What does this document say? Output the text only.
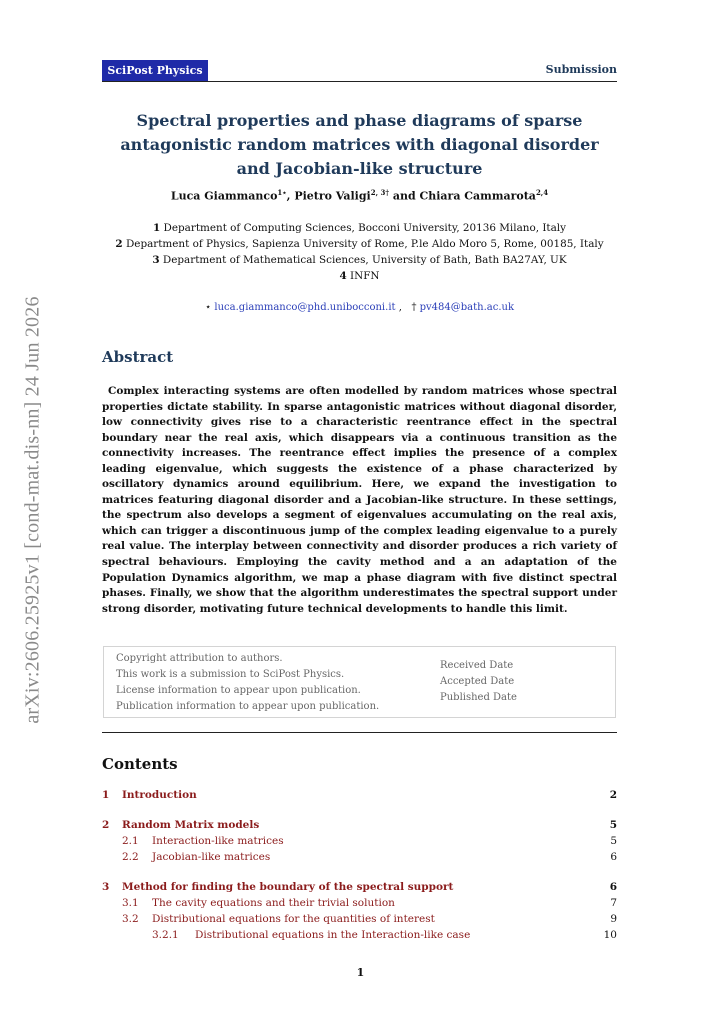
arXiv:2606.25925v1 [cond-mat.dis-nn] 24 Jun 2026
SciPost Physics	Submission
Spectral properties and phase diagrams of sparse antagonistic random matrices with diagonal disorder and Jacobian-like structure
Luca Giammanco$^{1⋆}$, Pietro Valigi$^{2, 3\dagger}$ and Chiara Cammarota$^{2,4}$
1 Department of Computing Sciences, Bocconi University, 20136 Milano, Italy
2 Department of Physics, Sapienza University of Rome, P.le Aldo Moro 5, Rome, 00185, Italy
3 Department of Mathematical Sciences, University of Bath, Bath BA27AY, UK
4 INFN
⋆ luca.giammanco@phd.unibocconi.it , † pv484@bath.ac.uk
Abstract
Complex interacting systems are often modelled by random matrices whose spectral properties dictate stability. In sparse antagonistic matrices without diagonal disorder, low connectivity gives rise to a characteristic reentrance effect in the spectral boundary near the real axis, which disappears via a continuous transition as the connectivity increases. The reentrance effect implies the presence of a complex leading eigenvalue, which suggests the existence of a phase characterized by oscillatory dynamics around equilibrium. Here, we expand the investigation to matrices featuring diagonal disorder and a Jacobian-like structure. In these settings, the spectrum also develops a segment of eigenvalues accumulating on the real axis, which can trigger a discontinuous jump of the complex leading eigenvalue to a purely real value. The interplay between connectivity and disorder produces a rich variety of spectral behaviours. Employing the cavity method and a an adaptation of the Population Dynamics algorithm, we map a phase diagram with five distinct spectral phases. Finally, we show that the algorithm underestimates the spectral support under strong disorder, motivating future technical developments to handle this limit.
Copyright attribution to authors.
This work is a submission to SciPost Physics.
License information to appear upon publication.
Publication information to appear upon publication.
Received Date
Accepted Date
Published Date
Contents
1 Introduction	2
2 Random Matrix models	5
2.1 Interaction-like matrices	5
2.2 Jacobian-like matrices	6
3 Method for finding the boundary of the spectral support	6
3.1 The cavity equations and their trivial solution	7
3.2 Distributional equations for the quantities of interest	9
3.2.1 Distributional equations in the Interaction-like case	10
1
